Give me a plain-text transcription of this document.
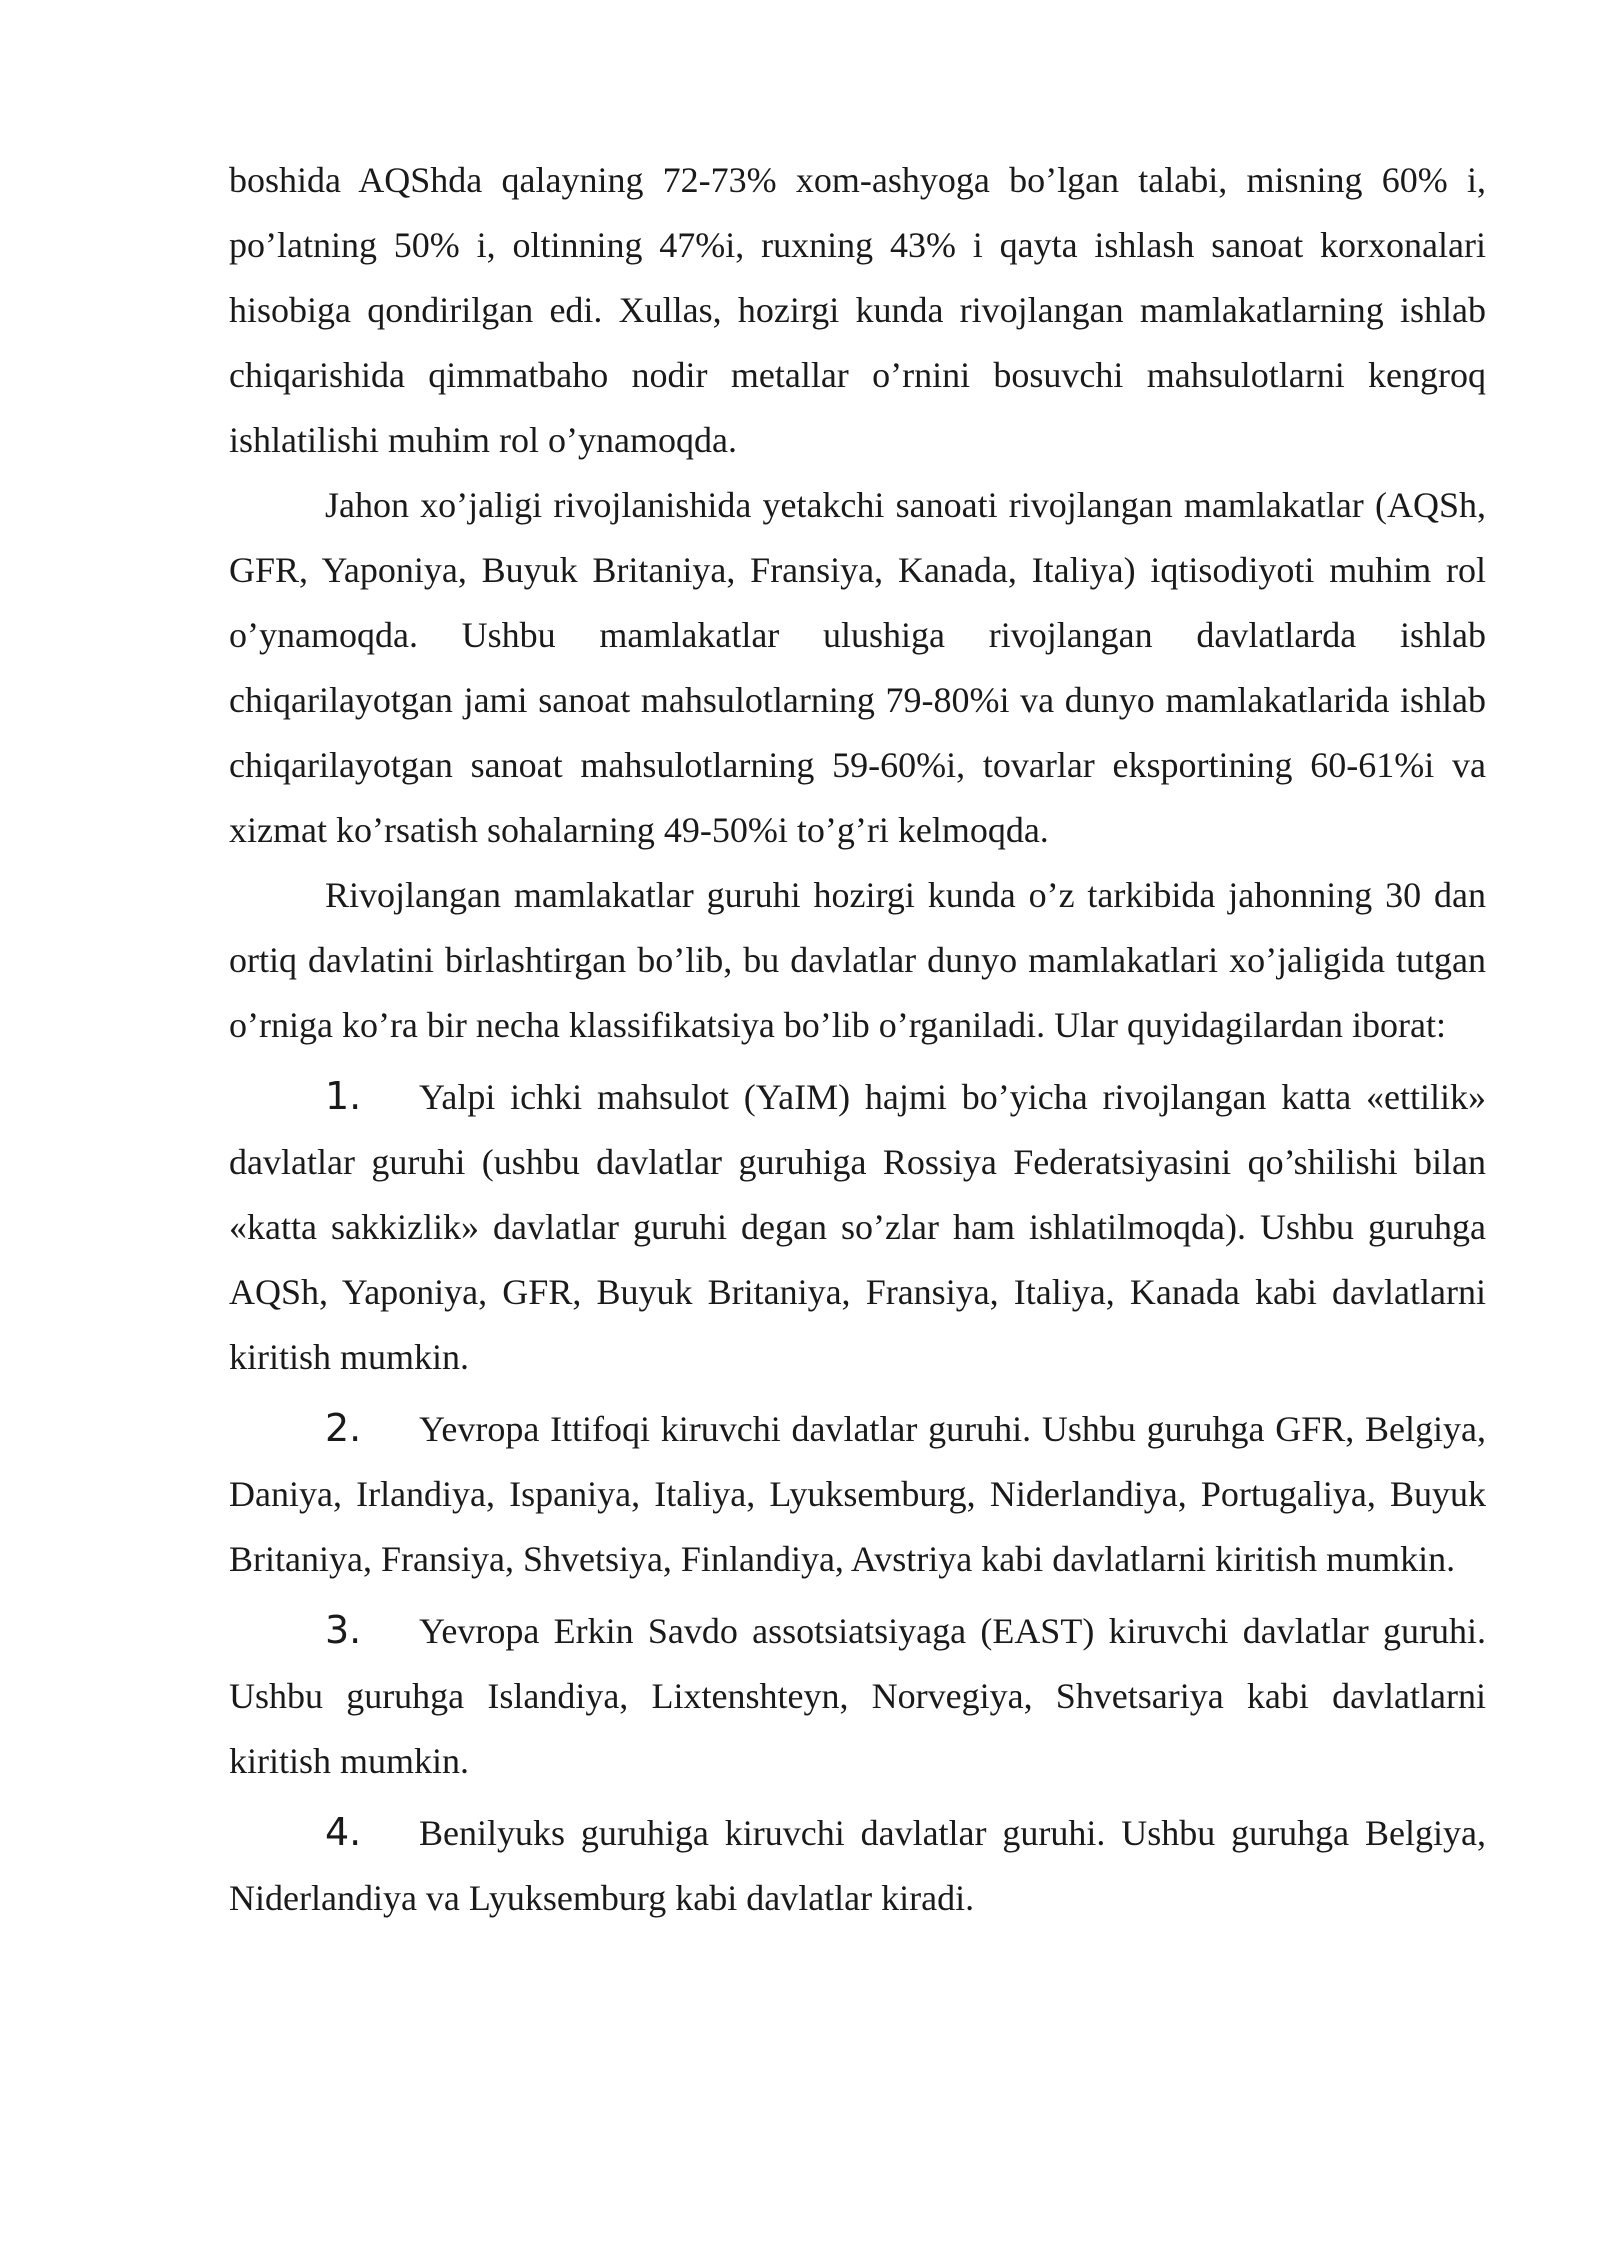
boshida AQShda qalayning 72-73% xom-ashyoga bo’lgan talabi, misning 60% i, po’latning 50% i, oltinning 47%i, ruxning 43% i qayta ishlash sanoat korxonalari hisobiga qondirilgan edi. Xullas, hozirgi kunda rivojlangan mamlakatlarning ishlab chiqarishida qimmatbaho nodir metallar o’rnini bosuvchi mahsulotlarni kengroq ishlatilishi muhim rol o’ynamoqda.

Jahon xo’jaligi rivojlanishida yetakchi sanoati rivojlangan mamlakatlar (AQSh, GFR, Yaponiya, Buyuk Britaniya, Fransiya, Kanada, Italiya) iqtisodiyoti muhim rol o’ynamoqda. Ushbu mamlakatlar ulushiga rivojlangan davlatlarda ishlab chiqarilayotgan jami sanoat mahsulotlarning 79-80%i va dunyo mamlakatlarida ishlab chiqarilayotgan sanoat mahsulotlarning 59-60%i, tovarlar eksportining 60-61%i va xizmat ko’rsatish sohalarning 49-50%i to’g’ri kelmoqda.

Rivojlangan mamlakatlar guruhi hozirgi kunda o’z tarkibida jahonning 30 dan ortiq davlatini birlashtirgan bo’lib, bu davlatlar dunyo mamlakatlari xo’jaligida tutgan o’rniga ko’ra bir necha klassifikatsiya bo’lib o’rganiladi. Ular quyidagilardan iborat:

1. Yalpi ichki mahsulot (YaIM) hajmi bo’yicha rivojlangan katta «ettilik» davlatlar guruhi (ushbu davlatlar guruhiga Rossiya Federatsiyasini qo’shilishi bilan «katta sakkizlik» davlatlar guruhi degan so’zlar ham ishlatilmoqda). Ushbu guruhga AQSh, Yaponiya, GFR, Buyuk Britaniya, Fransiya, Italiya, Kanada kabi davlatlarni kiritish mumkin.

2. Yevropa Ittifoqi kiruvchi davlatlar guruhi. Ushbu guruhga GFR, Belgiya, Daniya, Irlandiya, Ispaniya, Italiya, Lyuksemburg, Niderlandiya, Portugaliya, Buyuk Britaniya, Fransiya, Shvetsiya, Finlandiya, Avstriya kabi davlatlarni kiritish mumkin.

3. Yevropa Erkin Savdo assotsiatsiyaga (EAST) kiruvchi davlatlar guruhi. Ushbu guruhga Islandiya, Lixtenshteyn, Norvegiya, Shvetsariya kabi davlatlarni kiritish mumkin.

4. Benilyuks guruhiga kiruvchi davlatlar guruhi. Ushbu guruhga Belgiya, Niderlandiya va Lyuksemburg kabi davlatlar kiradi.
